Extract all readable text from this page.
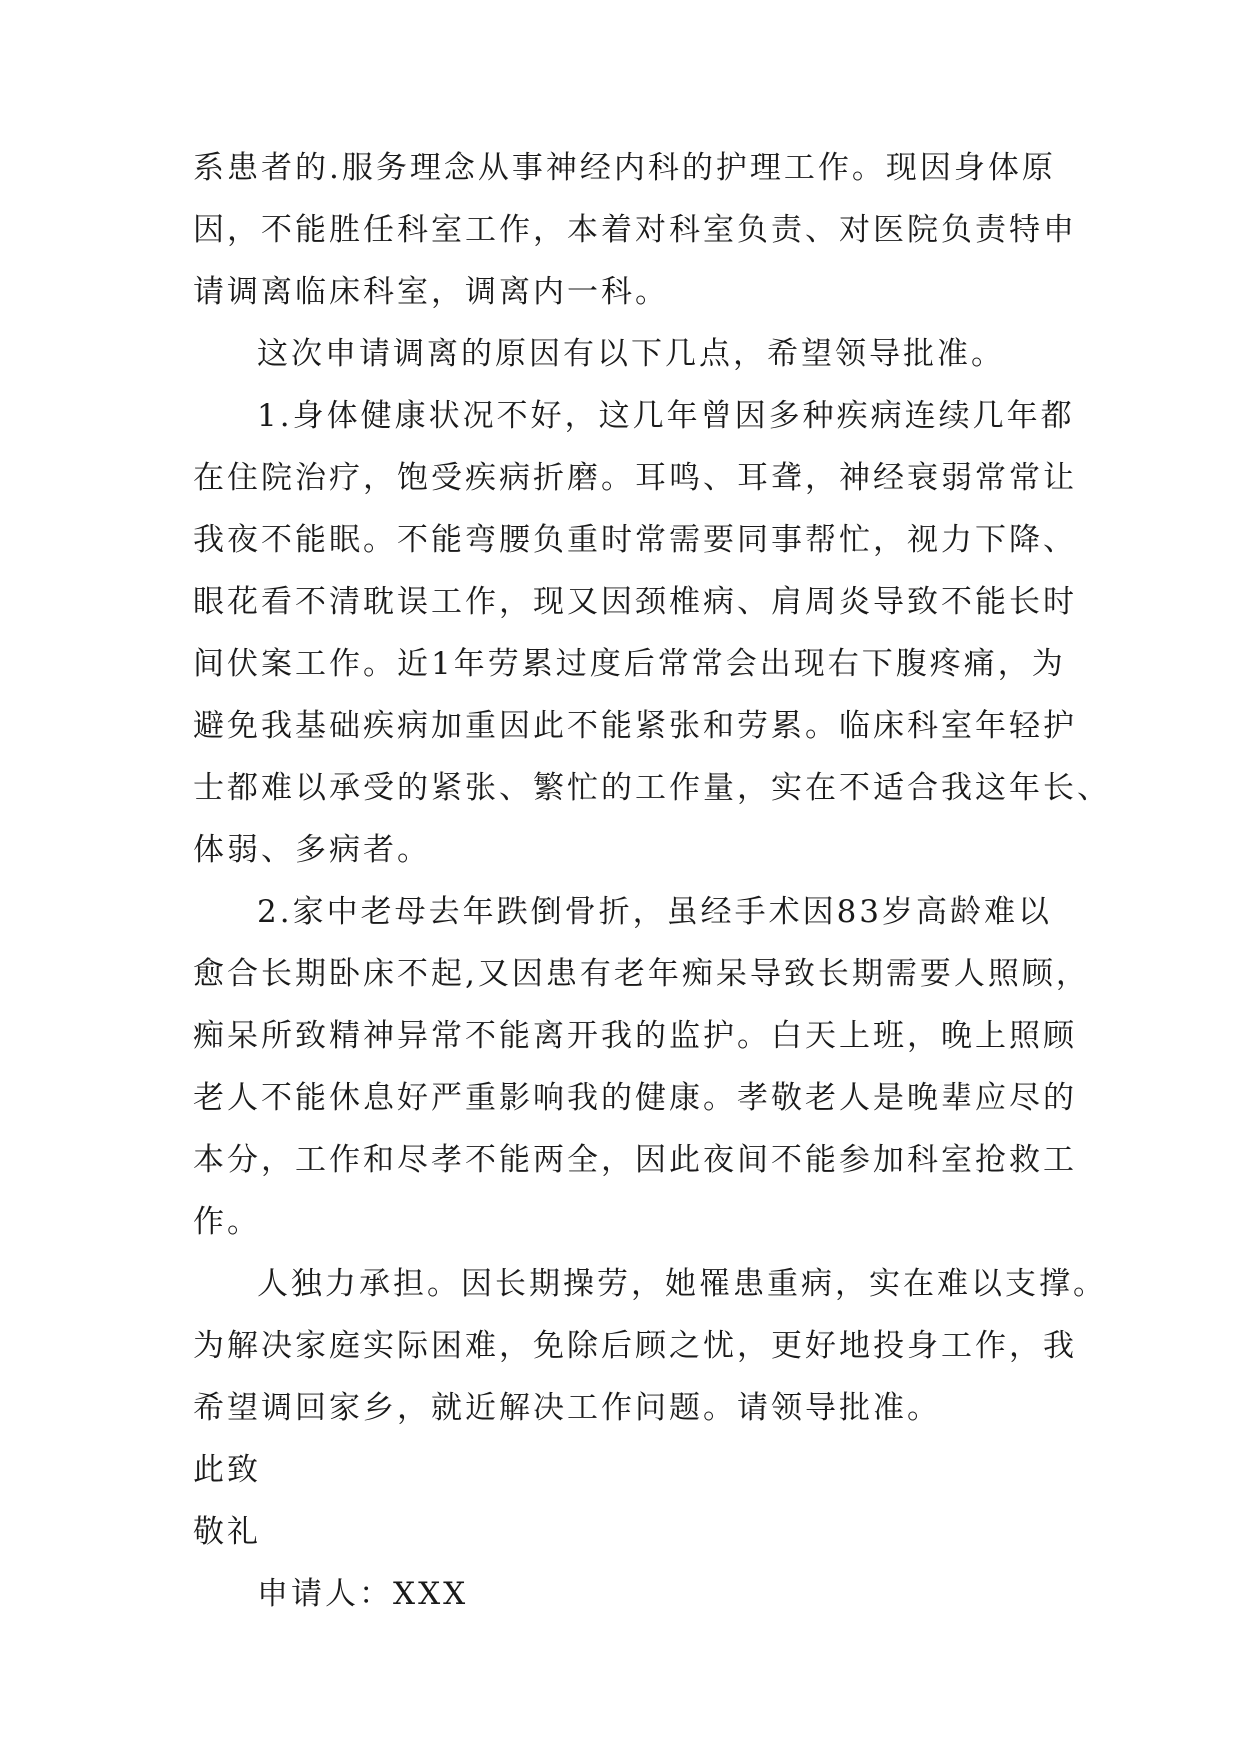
系患者的.服务理念从事神经内科的护理工作。现因身体原
因，不能胜任科室工作，本着对科室负责、对医院负责特申
请调离临床科室，调离内一科。
这次申请调离的原因有以下几点，希望领导批准。
1.身体健康状况不好，这几年曾因多种疾病连续几年都
在住院治疗，饱受疾病折磨。耳鸣、耳聋，神经衰弱常常让
我夜不能眠。不能弯腰负重时常需要同事帮忙，视力下降、
眼花看不清耽误工作，现又因颈椎病、肩周炎导致不能长时
间伏案工作。近1年劳累过度后常常会出现右下腹疼痛，为
避免我基础疾病加重因此不能紧张和劳累。临床科室年轻护
士都难以承受的紧张、繁忙的工作量，实在不适合我这年长、
体弱、多病者。
2.家中老母去年跌倒骨折，虽经手术因83岁高龄难以
愈合长期卧床不起,又因患有老年痴呆导致长期需要人照顾，
痴呆所致精神异常不能离开我的监护。白天上班，晚上照顾
老人不能休息好严重影响我的健康。孝敬老人是晚辈应尽的
本分，工作和尽孝不能两全，因此夜间不能参加科室抢救工
作。
人独力承担。因长期操劳，她罹患重病，实在难以支撑。
为解决家庭实际困难，免除后顾之忧，更好地投身工作，我
希望调回家乡，就近解决工作问题。请领导批准。
此致
敬礼
申请人：XXX
